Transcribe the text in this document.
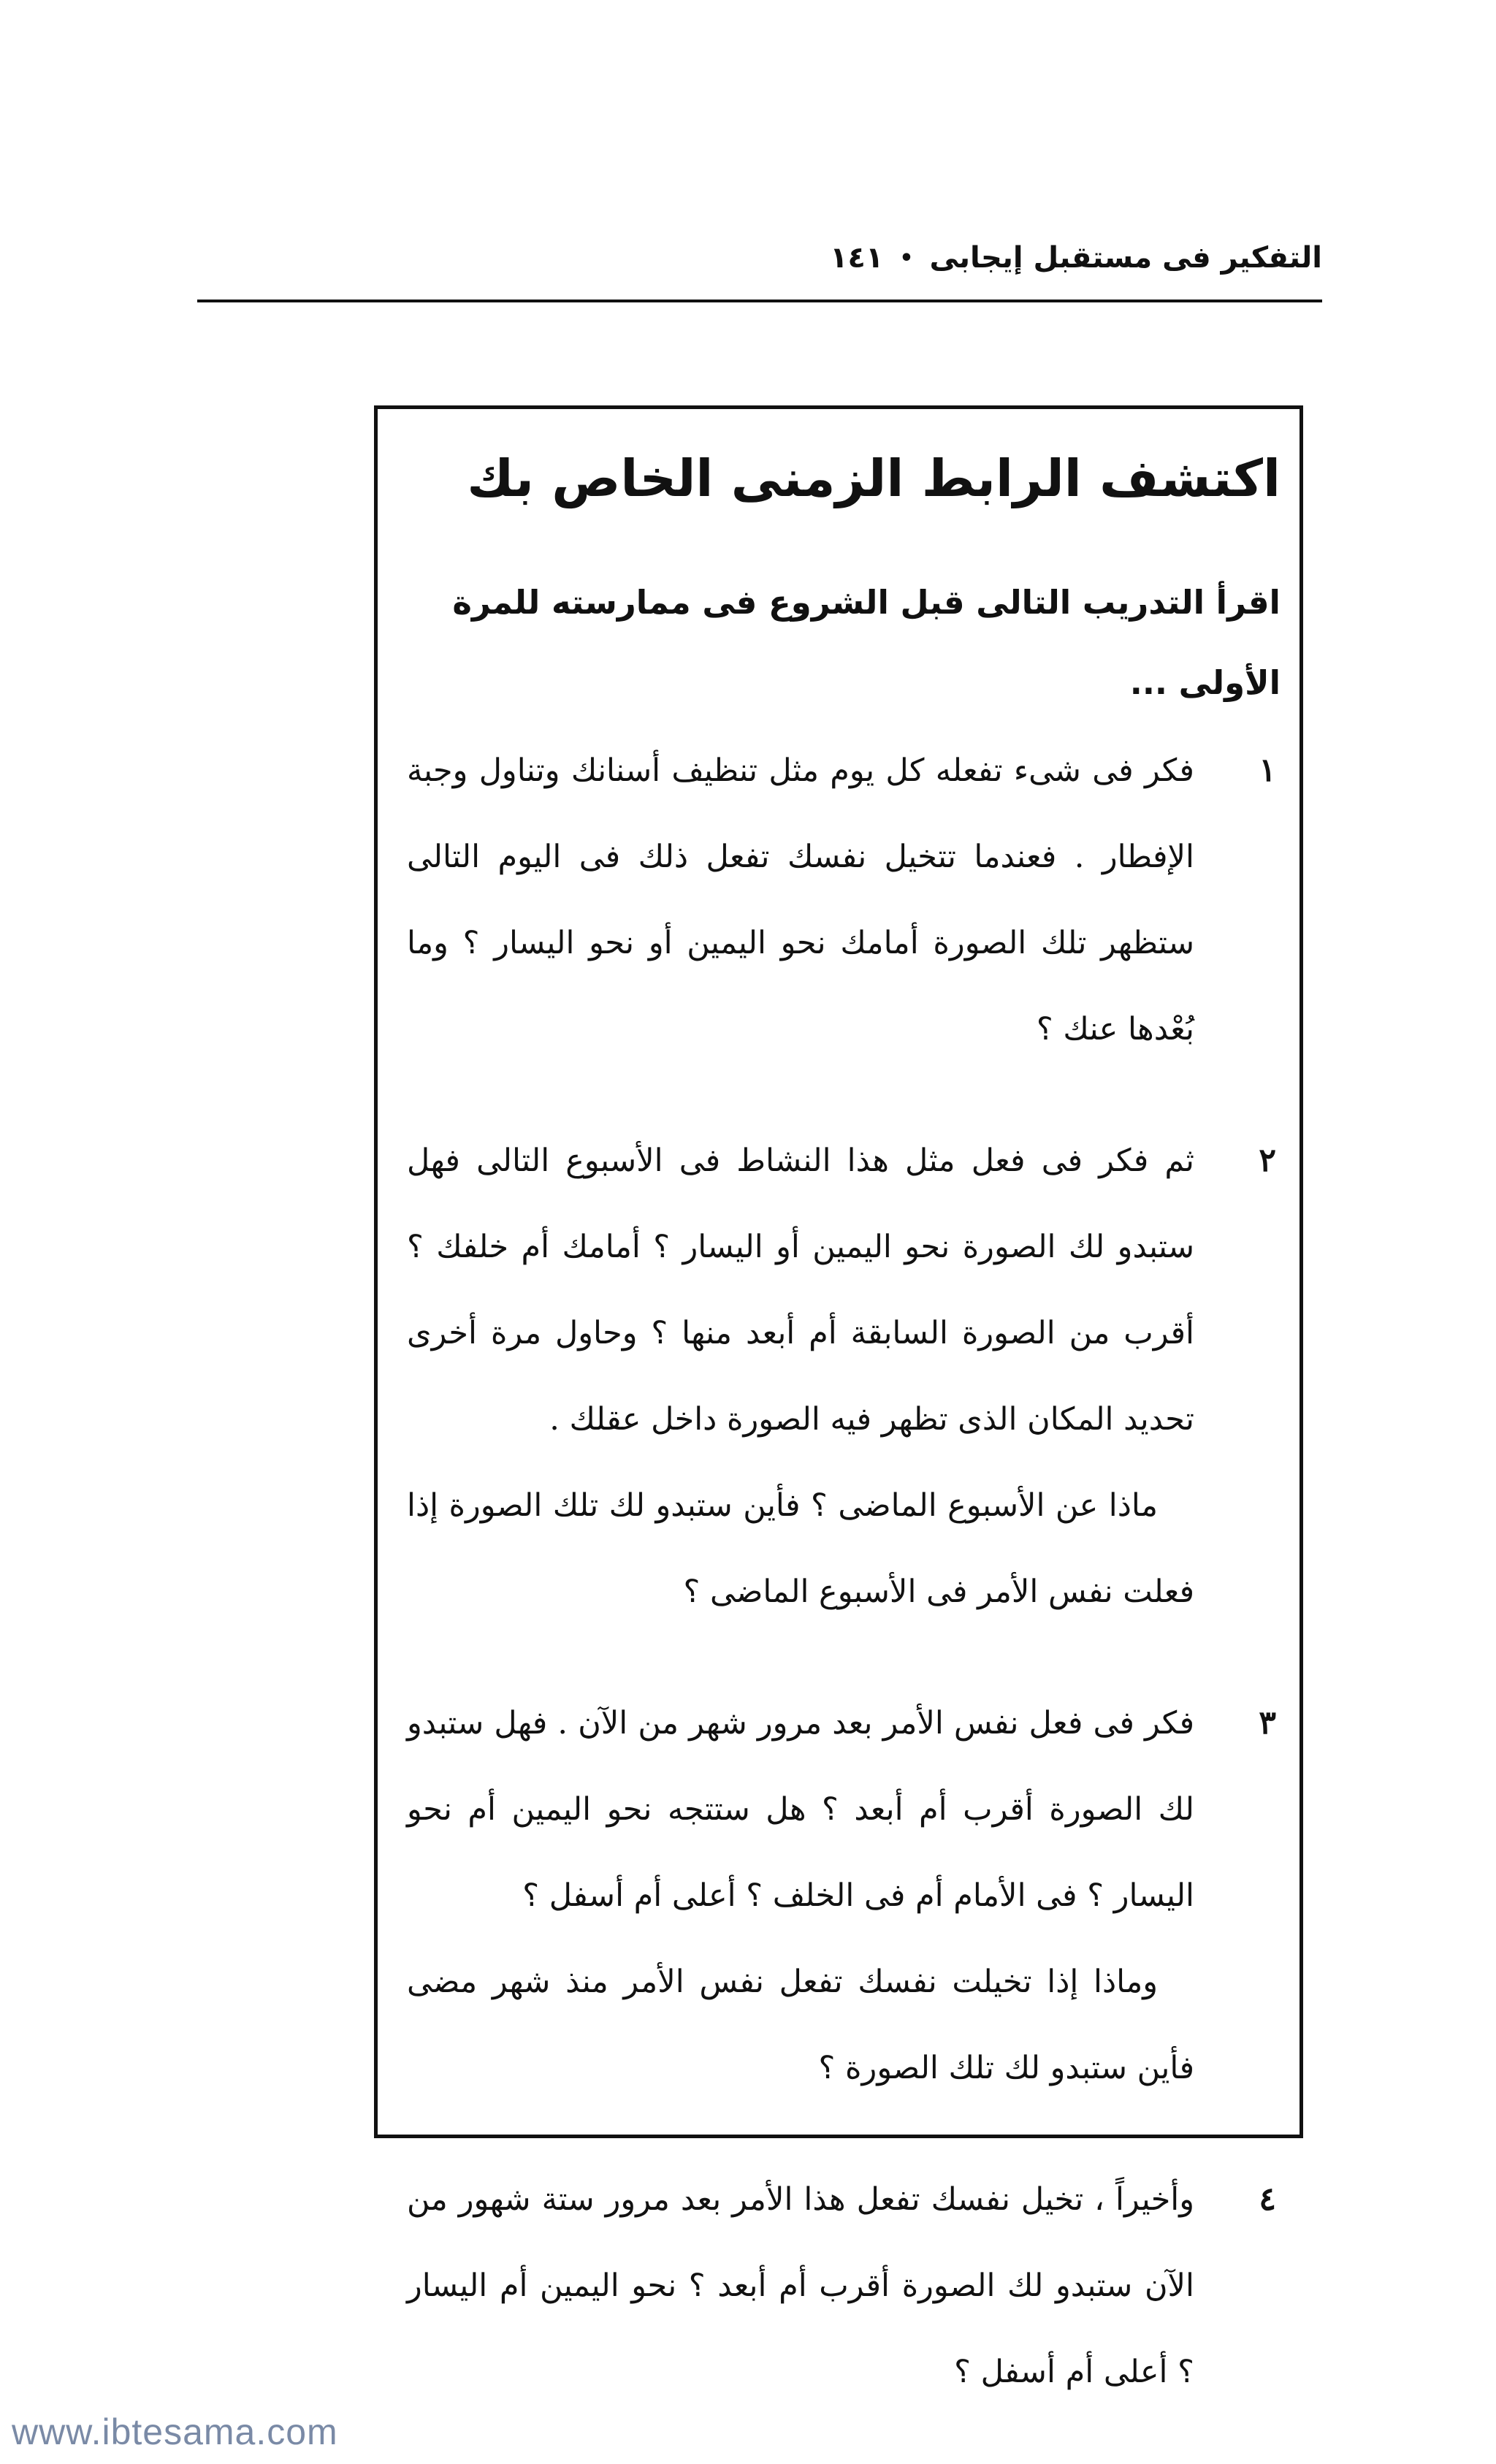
التفكير فى مستقبل إيجابى
•
١٤١
اكتشف الرابط الزمنى الخاص بك

اقرأ التدريب التالى قبل الشروع فى ممارسته للمرة الأولى ...

١

فكر فى شىء تفعله كل يوم مثل تنظيف أسنانك وتناول وجبة الإفطار . فعندما تتخيل نفسك تفعل ذلك فى اليوم التالى ستظهر تلك الصورة أمامك نحو اليمين أو نحو اليسار ؟ وما بُعْدها عنك ؟

٢

ثم فكر فى فعل مثل هذا النشاط فى الأسبوع التالى فهل ستبدو لك الصورة نحو اليمين أو اليسار ؟ أمامك أم خلفك ؟ أقرب من الصورة السابقة أم أبعد منها ؟ وحاول مرة أخرى تحديد المكان الذى تظهر فيه الصورة داخل عقلك .

ماذا عن الأسبوع الماضى ؟ فأين ستبدو لك تلك الصورة إذا فعلت نفس الأمر فى الأسبوع الماضى ؟

٣

فكر فى فعل نفس الأمر بعد مرور شهر من الآن . فهل ستبدو لك الصورة أقرب أم أبعد ؟ هل ستتجه نحو اليمين أم نحو اليسار ؟ فى الأمام أم فى الخلف ؟ أعلى أم أسفل ؟

وماذا إذا تخيلت نفسك تفعل نفس الأمر منذ شهر مضى فأين ستبدو لك تلك الصورة ؟

٤

وأخيراً ، تخيل نفسك تفعل هذا الأمر بعد مرور ستة شهور من الآن ستبدو لك الصورة أقرب أم أبعد ؟ نحو اليمين أم اليسار ؟ أعلى أم أسفل ؟

www.ibtesama.com
